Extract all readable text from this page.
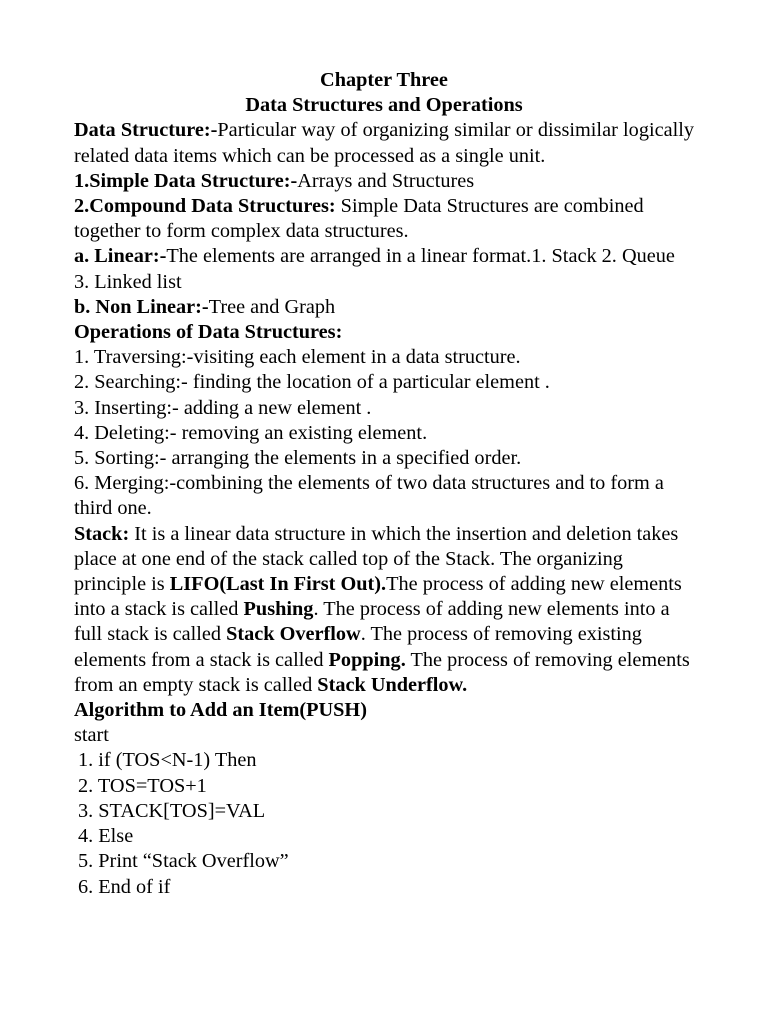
Chapter Three
Data Structures and Operations
Data Structure:-Particular way of organizing similar or dissimilar logically related data items which can be processed as a single unit.
1.Simple Data Structure:-Arrays and Structures
2.Compound Data Structures: Simple Data Structures are combined together to form complex data structures.
a. Linear:-The elements are arranged in a linear format.1. Stack 2. Queue 3. Linked list
b. Non Linear:-Tree and Graph
Operations of Data Structures:
1. Traversing:-visiting each element in a data structure.
2. Searching:- finding the location of a particular element .
3. Inserting:- adding a new element .
4. Deleting:- removing an existing element.
5. Sorting:- arranging the elements in a specified order.
6. Merging:-combining the elements of two data structures and to form a third one.
Stack: It is a linear data structure in which the insertion and deletion takes place at one end of the stack called top of the Stack. The organizing principle is LIFO(Last In First Out).The process of adding new elements into a stack is called Pushing. The process of adding new elements into a full stack is called Stack Overflow. The process of removing existing elements from a stack is called Popping. The process of removing elements from an empty stack is called Stack Underflow.
Algorithm to Add an Item(PUSH)
start
1. if (TOS<N-1) Then
2. TOS=TOS+1
3. STACK[TOS]=VAL
4. Else
5. Print “Stack Overflow”
6. End of if
